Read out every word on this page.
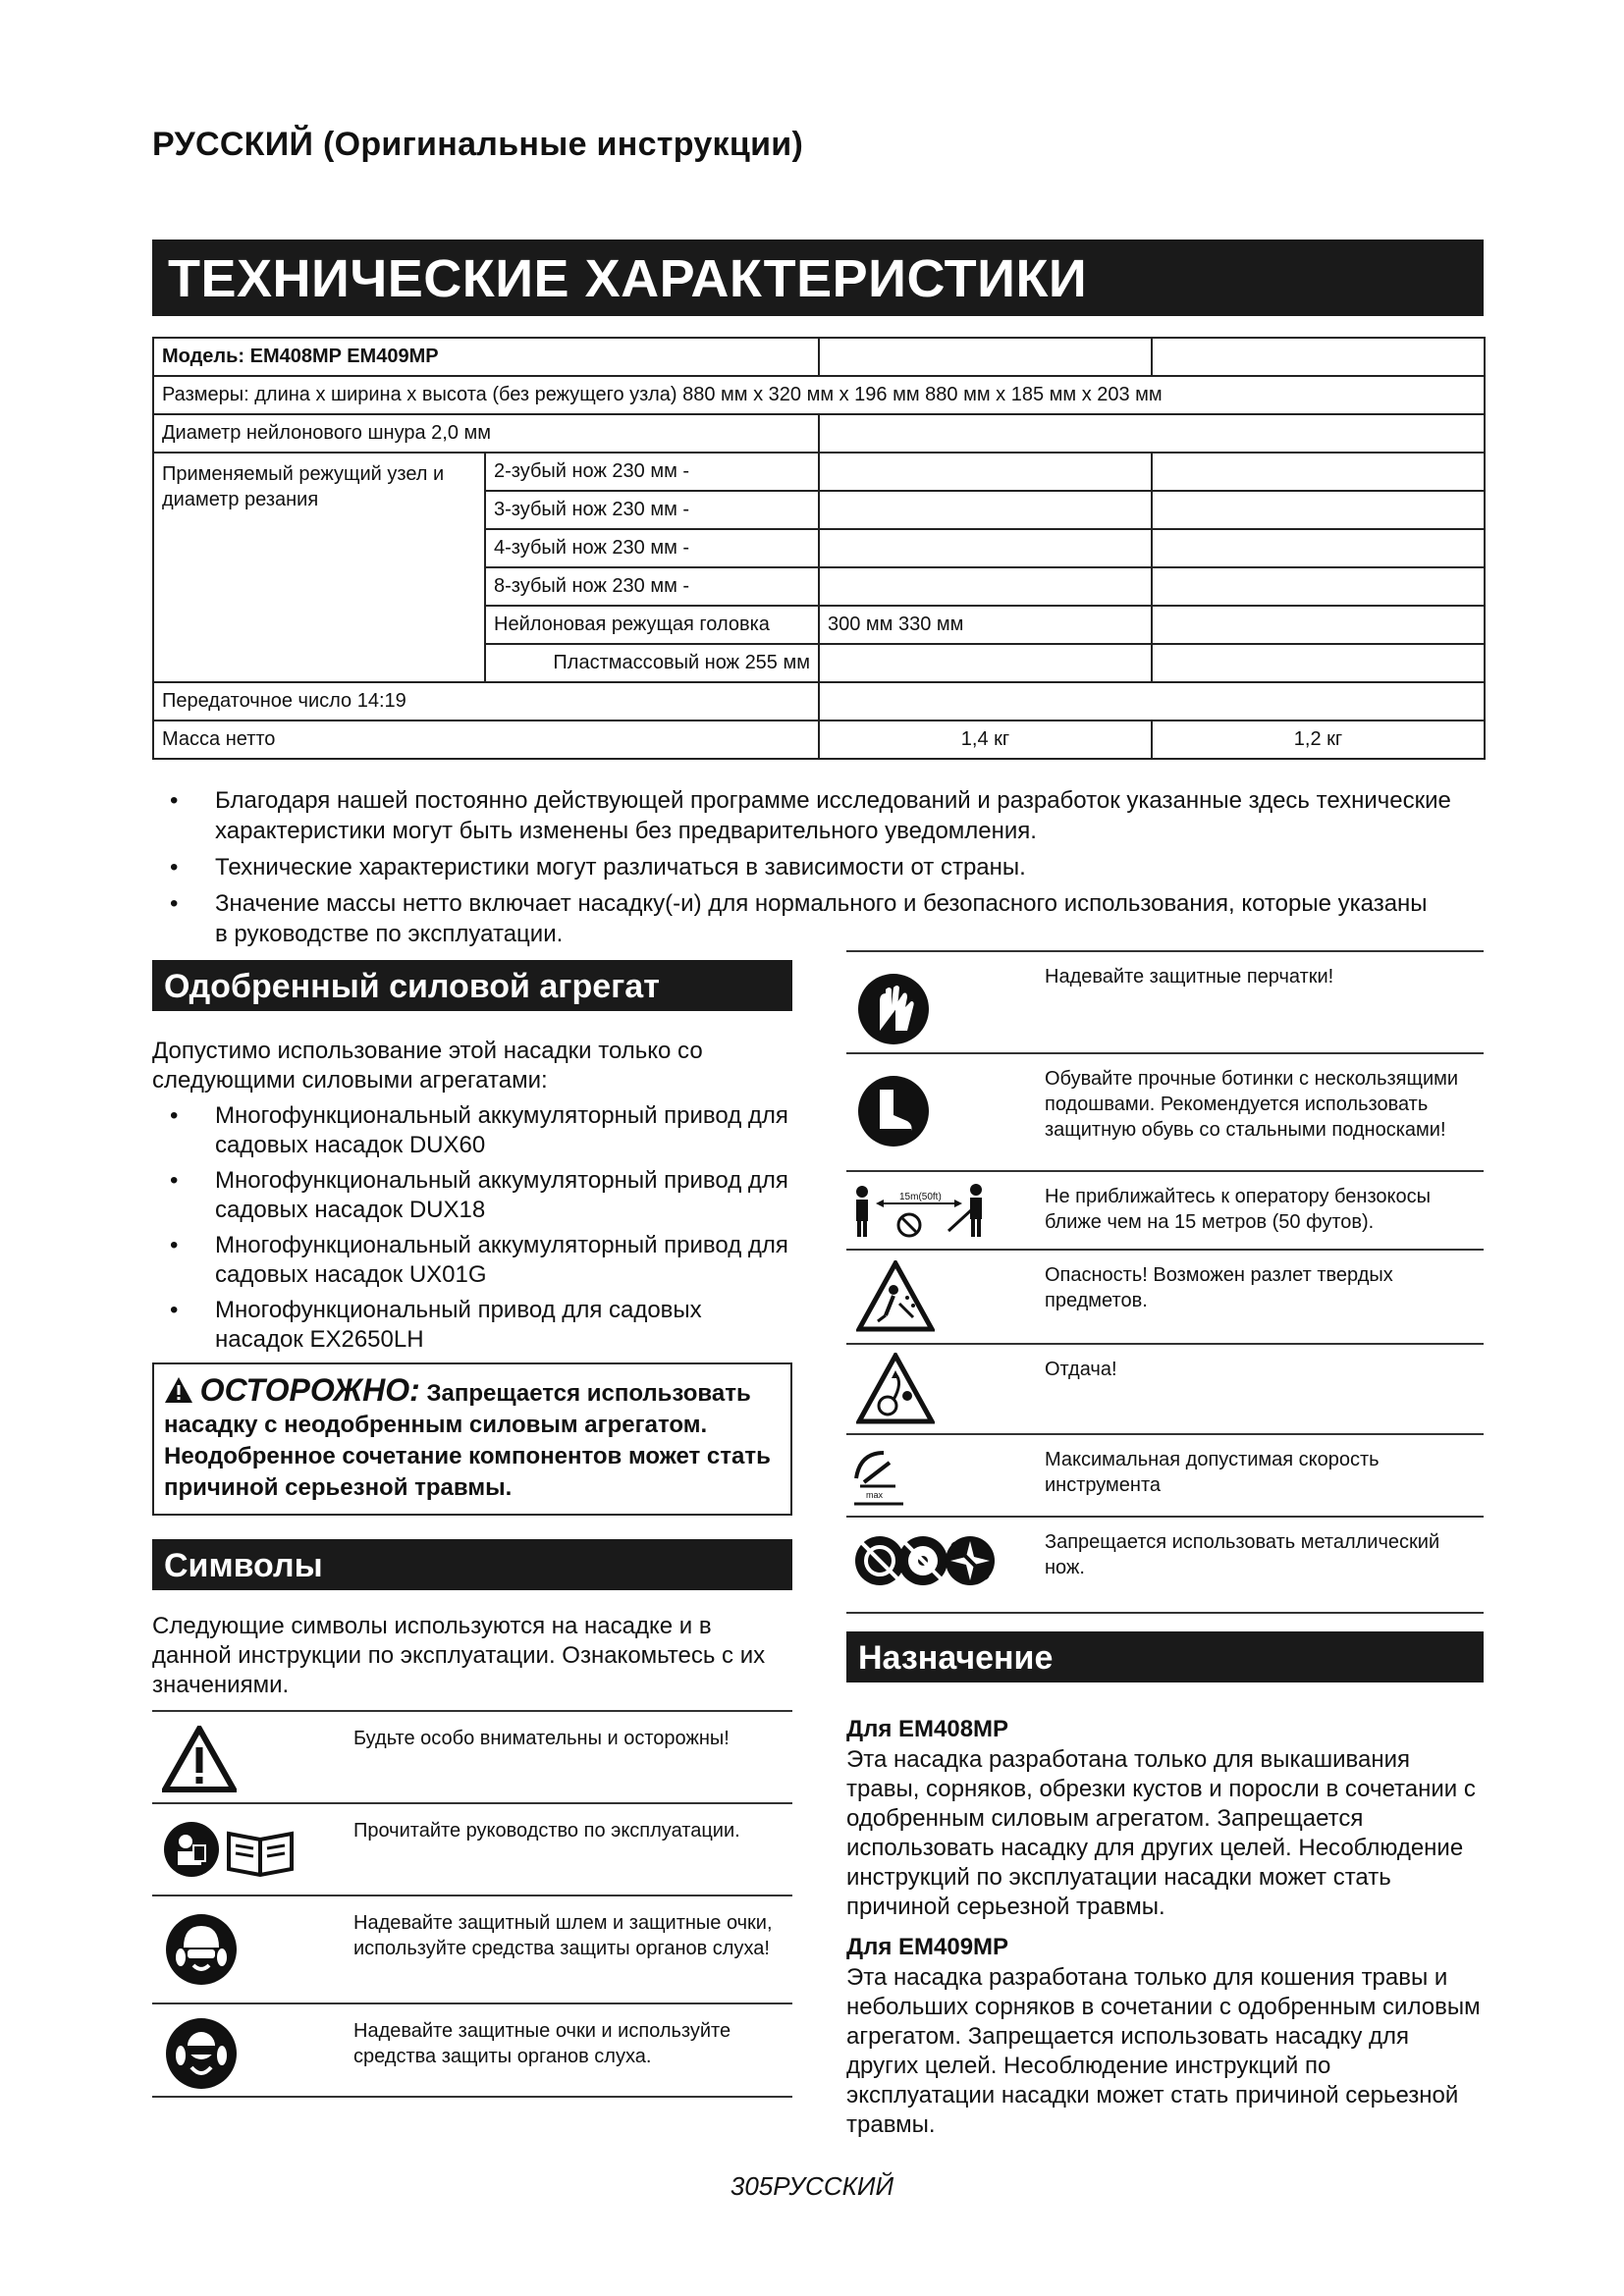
РУССКИЙ (Оригинальные инструкции)
ТЕХНИЧЕСКИЕ ХАРАКТЕРИСТИКИ
Модель: EM408MP EM409MP			
Размеры: длина x ширина x высота (без режущего узла) 880 мм x 320 мм x 196 мм 880 мм x 185 мм x 203 мм			
Диаметр нейлонового шнура 2,0 мм			
Применяемый режущий узел и диаметр резания	2-зубый нож 230 мм -		
	3-зубый нож 230 мм -		
	4-зубый нож 230 мм -		
	8-зубый нож 230 мм -		
	Нейлоновая режущая головка	300 мм 330 мм	
	Пластмассовый нож 255 мм		
Передаточное число 14:19			
Масса нетто		1,4 кг	1,2 кг
• Благодаря нашей постоянно действующей программе исследований и разработок указанные здесь технические характеристики могут быть изменены без предварительного уведомления.
• Технические характеристики могут различаться в зависимости от страны.
• Значение массы нетто включает насадку(-и) для нормального и безопасного использования, которые указаны в руководстве по эксплуатации.
Одобренный силовой агрегат
Допустимо использование этой насадки только со следующими силовыми агрегатами:
• Многофункциональный аккумуляторный привод для садовых насадок DUX60
• Многофункциональный аккумуляторный привод для садовых насадок DUX18
• Многофункциональный аккумуляторный привод для садовых насадок UX01G
• Многофункциональный привод для садовых насадок EX2650LH
ОСТОРОЖНО: Запрещается использовать насадку с неодобренным силовым агрегатом. Неодобренное сочетание компонентов может стать причиной серьезной травмы.
Символы
Следующие символы используются на насадке и в данной инструкции по эксплуатации. Ознакомьтесь с их значениями.
Будьте особо внимательны и осторожны!
Прочитайте руководство по эксплуатации.
Надевайте защитный шлем и защитные очки, используйте средства защиты органов слуха!
Надевайте защитные очки и используйте средства защиты органов слуха.
Надевайте защитные перчатки!
Обувайте прочные ботинки с нескользящими подошвами. Рекомендуется использовать защитную обувь со стальными подносками!
15m(50ft)	Не приближайтесь к оператору бензокосы ближе чем на 15 метров (50 футов).
Опасность! Возможен разлет твердых предметов.
Отдача!
max
Максимальная допустимая скорость инструмента
Запрещается использовать металлический нож.
Назначение
Для EM408MP
Эта насадка разработана только для выкашивания травы, сорняков, обрезки кустов и поросли в сочетании с одобренным силовым агрегатом. Запрещается использовать насадку для других целей. Несоблюдение инструкций по эксплуатации насадки может стать причиной серьезной травмы.
Для EM409MP
Эта насадка разработана только для кошения травы и небольших сорняков в сочетании с одобренным силовым агрегатом. Запрещается использовать насадку для других целей. Несоблюдение инструкций по эксплуатации насадки может стать причиной серьезной травмы.
305РУССКИЙ
